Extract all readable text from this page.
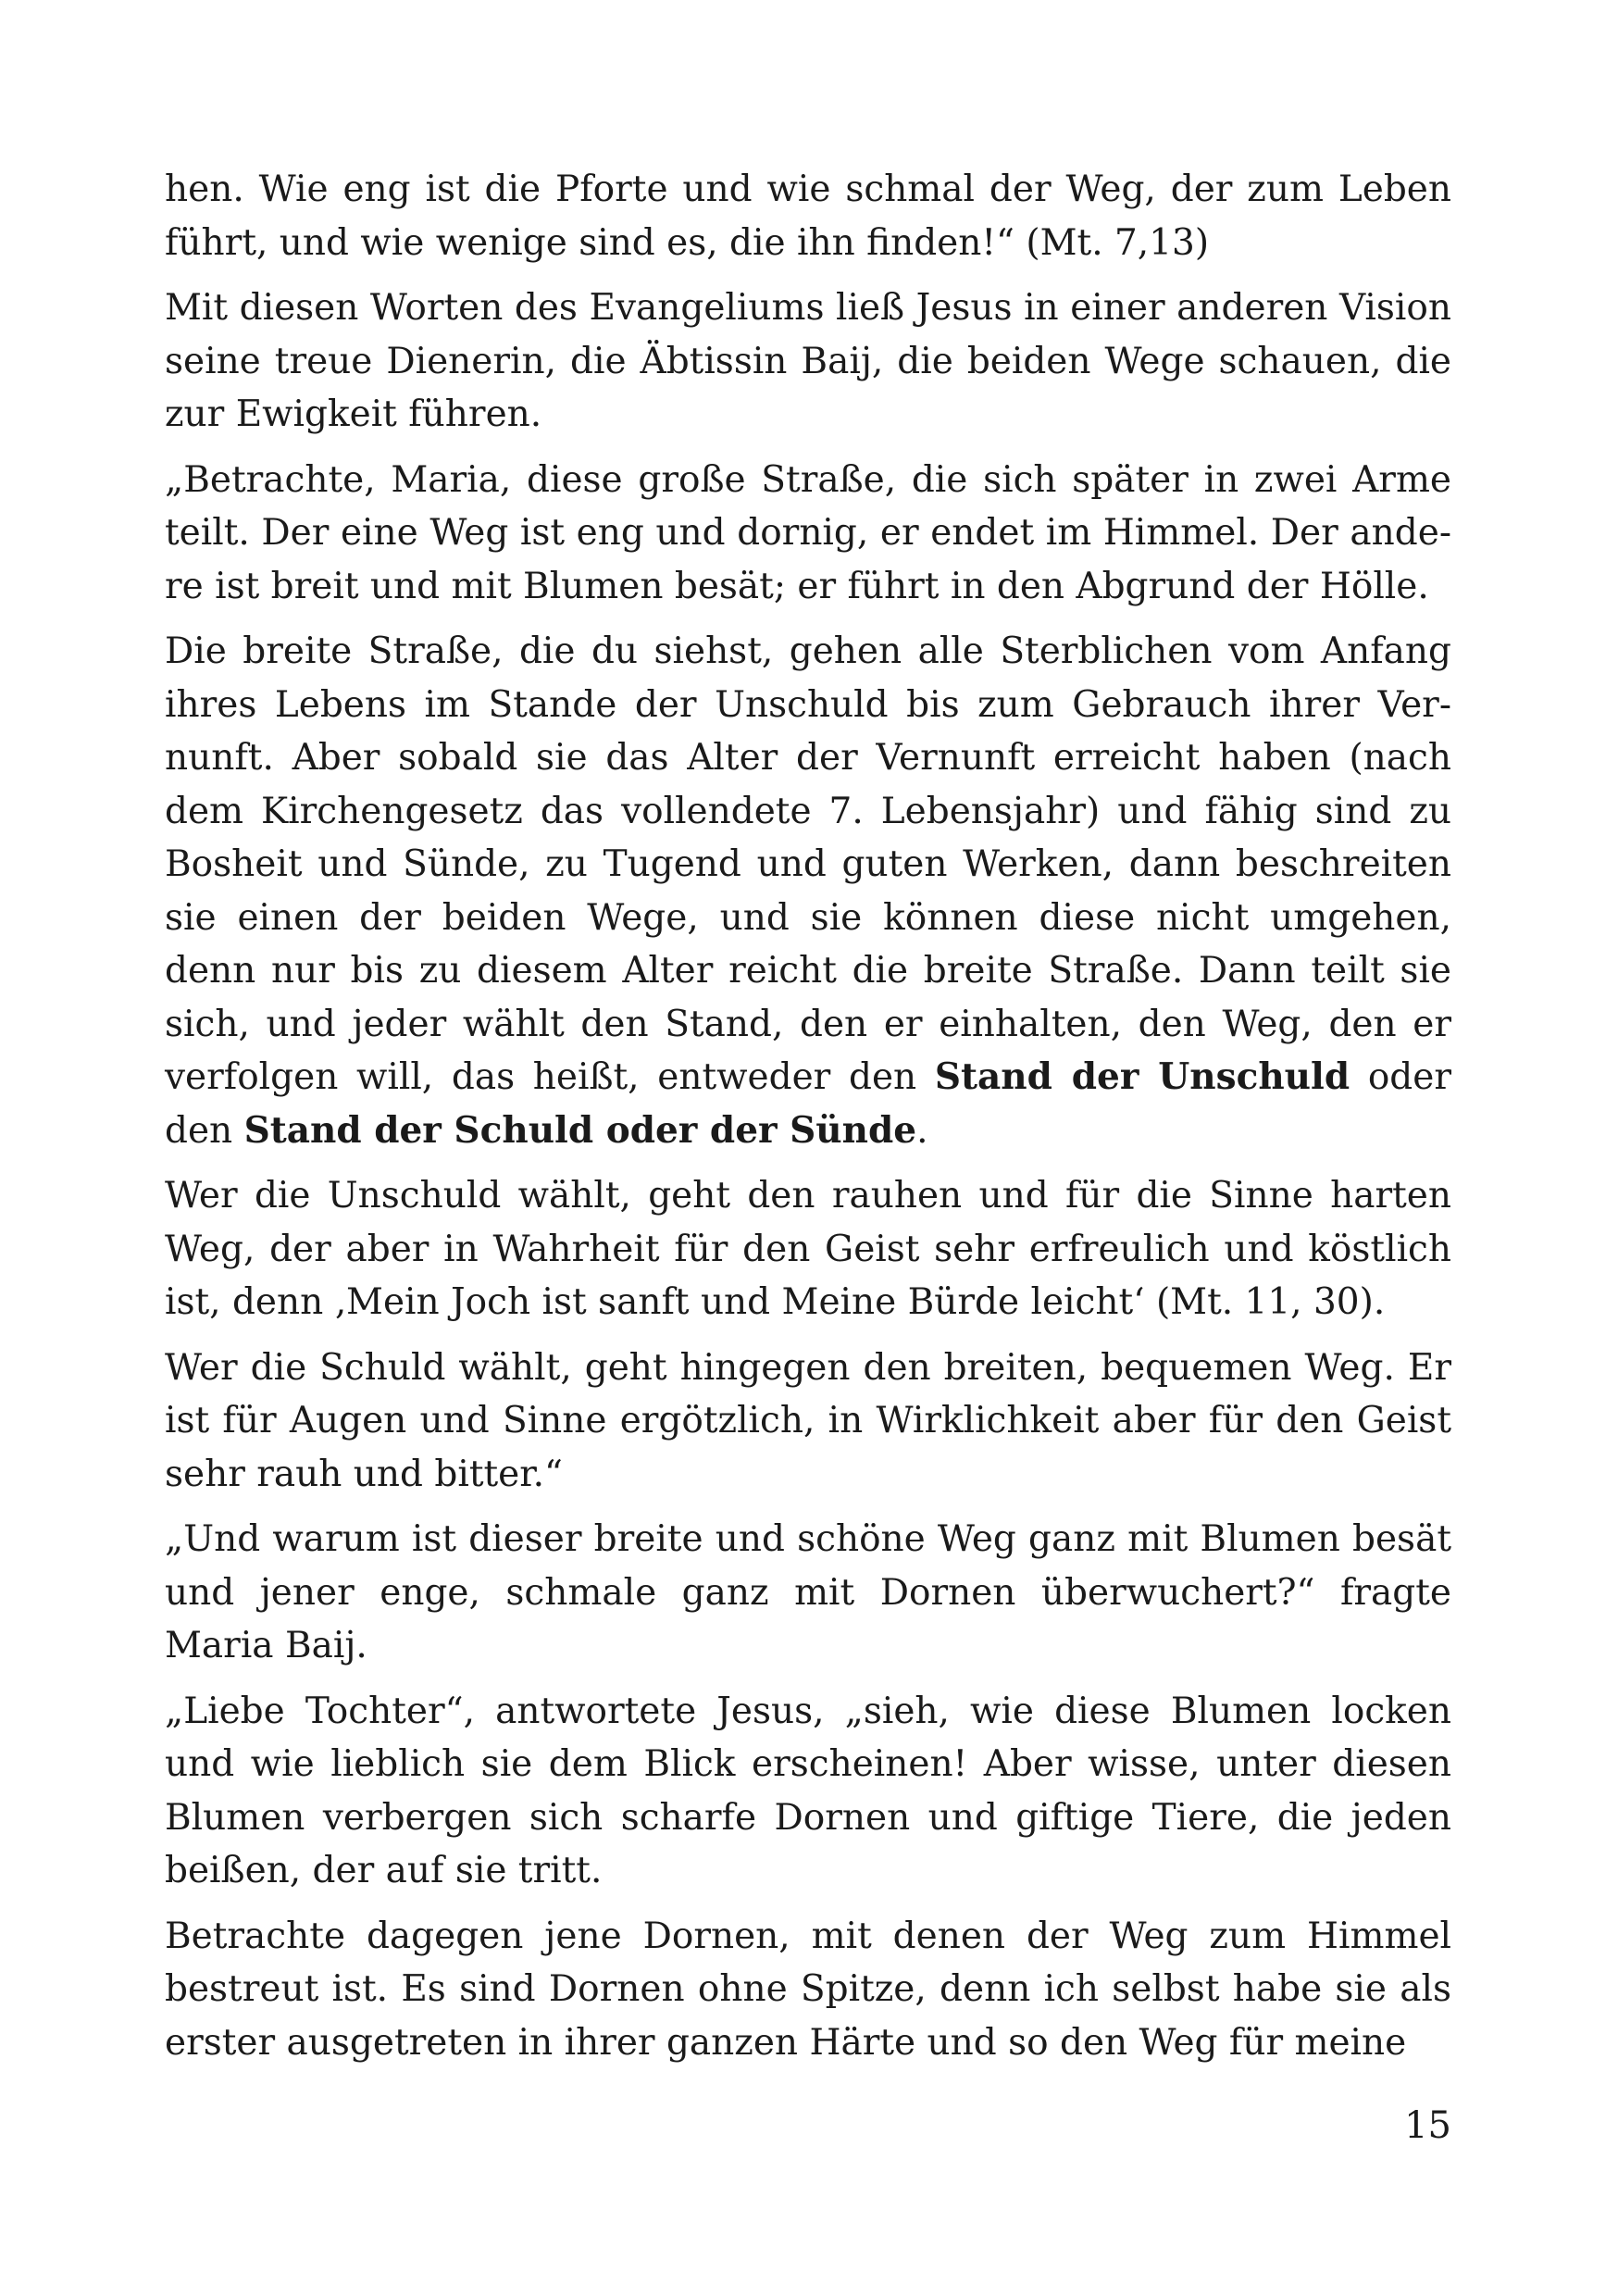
hen. Wie eng ist die Pforte und wie schmal der Weg, der zum Leben führt, und wie wenige sind es, die ihn finden!“ (Mt. 7,13)

Mit diesen Worten des Evangeliums ließ Jesus in einer anderen Vision seine treue Dienerin, die Äbtissin Baij, die beiden Wege schauen, die zur Ewigkeit führen.

„Betrachte, Maria, diese große Straße, die sich später in zwei Arme teilt. Der eine Weg ist eng und dornig, er endet im Himmel. Der andere ist breit und mit Blumen besät; er führt in den Abgrund der Hölle.

Die breite Straße, die du siehst, gehen alle Sterblichen vom Anfang ihres Lebens im Stande der Unschuld bis zum Gebrauch ihrer Vernunft. Aber sobald sie das Alter der Vernunft erreicht haben (nach dem Kirchengesetz das vollendete 7. Lebensjahr) und fähig sind zu Bosheit und Sünde, zu Tugend und guten Werken, dann beschreiten sie einen der beiden Wege, und sie können diese nicht umgehen, denn nur bis zu diesem Alter reicht die breite Straße. Dann teilt sie sich, und jeder wählt den Stand, den er einhalten, den Weg, den er verfolgen will, das heißt, entweder den Stand der Unschuld oder den Stand der Schuld oder der Sünde.

Wer die Unschuld wählt, geht den rauhen und für die Sinne harten Weg, der aber in Wahrheit für den Geist sehr erfreulich und köstlich ist, denn ‚Mein Joch ist sanft und Meine Bürde leicht‘ (Mt. 11, 30).

Wer die Schuld wählt, geht hingegen den breiten, bequemen Weg. Er ist für Augen und Sinne ergötzlich, in Wirklichkeit aber für den Geist sehr rauh und bitter.“

„Und warum ist dieser breite und schöne Weg ganz mit Blumen besät und jener enge, schmale ganz mit Dornen überwuchert?“ fragte Maria Baij.

„Liebe Tochter“, antwortete Jesus, „sieh, wie diese Blumen locken und wie lieblich sie dem Blick erscheinen! Aber wisse, unter diesen Blumen verbergen sich scharfe Dornen und giftige Tiere, die jeden beißen, der auf sie tritt.

Betrachte dagegen jene Dornen, mit denen der Weg zum Himmel bestreut ist. Es sind Dornen ohne Spitze, denn ich selbst habe sie als erster ausgetreten in ihrer ganzen Härte und so den Weg für meine

15
